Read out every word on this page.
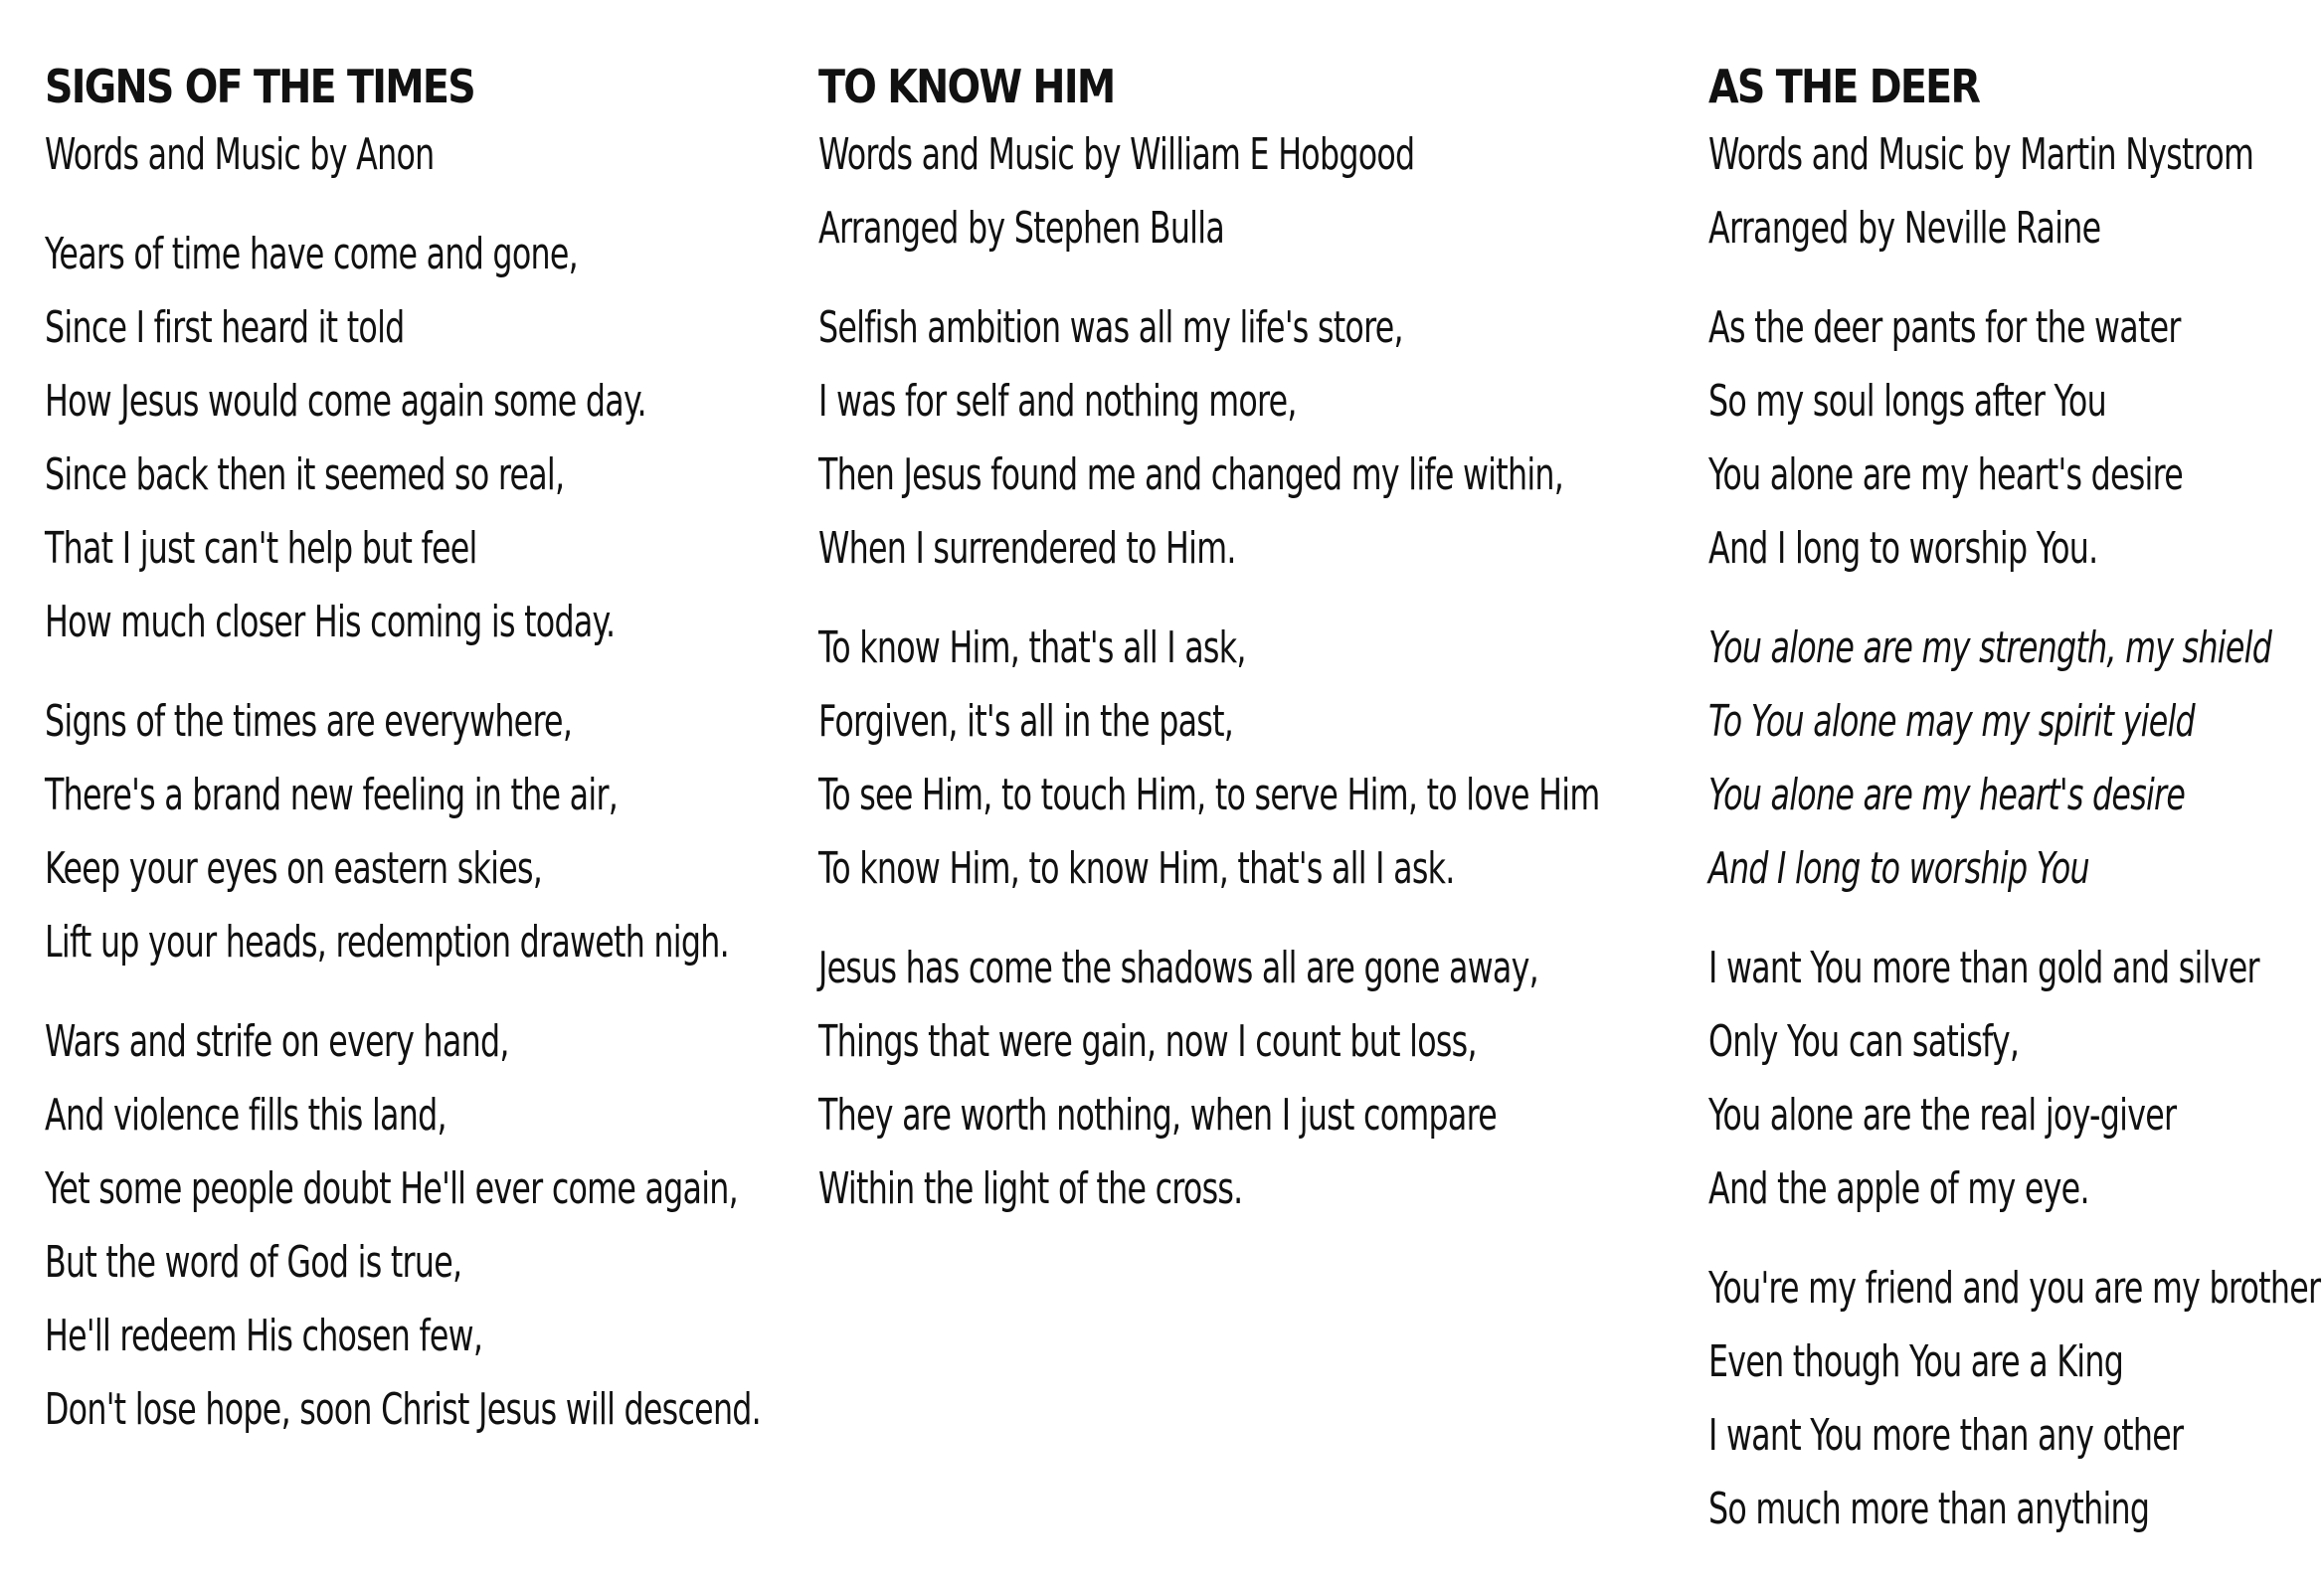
SIGNS OF THE TIMES
Words and Music by Anon
Years of time have come and gone,
Since I first heard it told
How Jesus would come again some day.
Since back then it seemed so real,
That I just can't help but feel
How much closer His coming is today.
Signs of the times are everywhere,
There's a brand new feeling in the air,
Keep your eyes on eastern skies,
Lift up your heads, redemption draweth nigh.
Wars and strife on every hand,
And violence fills this land,
Yet some people doubt He'll ever come again,
But the word of God is true,
He'll redeem His chosen few,
Don't lose hope, soon Christ Jesus will descend.
TO KNOW HIM
Words and Music by William E Hobgood
Arranged by Stephen Bulla
Selfish ambition was all my life's store,
I was for self and nothing more,
Then Jesus found me and changed my life within,
When I surrendered to Him.
To know Him, that's all I ask,
Forgiven, it's all in the past,
To see Him, to touch Him, to serve Him, to love Him
To know Him, to know Him, that's all I ask.
Jesus has come the shadows all are gone away,
Things that were gain, now I count but loss,
They are worth nothing, when I just compare
Within the light of the cross.
AS THE DEER
Words and Music by Martin Nystrom
Arranged by Neville Raine
As the deer pants for the water
So my soul longs after You
You alone are my heart's desire
And I long to worship You.
You alone are my strength, my shield
To You alone may my spirit yield
You alone are my heart's desire
And I long to worship You
I want You more than gold and silver
Only You can satisfy,
You alone are the real joy-giver
And the apple of my eye.
You're my friend and you are my brother
Even though You are a King
I want You more than any other
So much more than anything
